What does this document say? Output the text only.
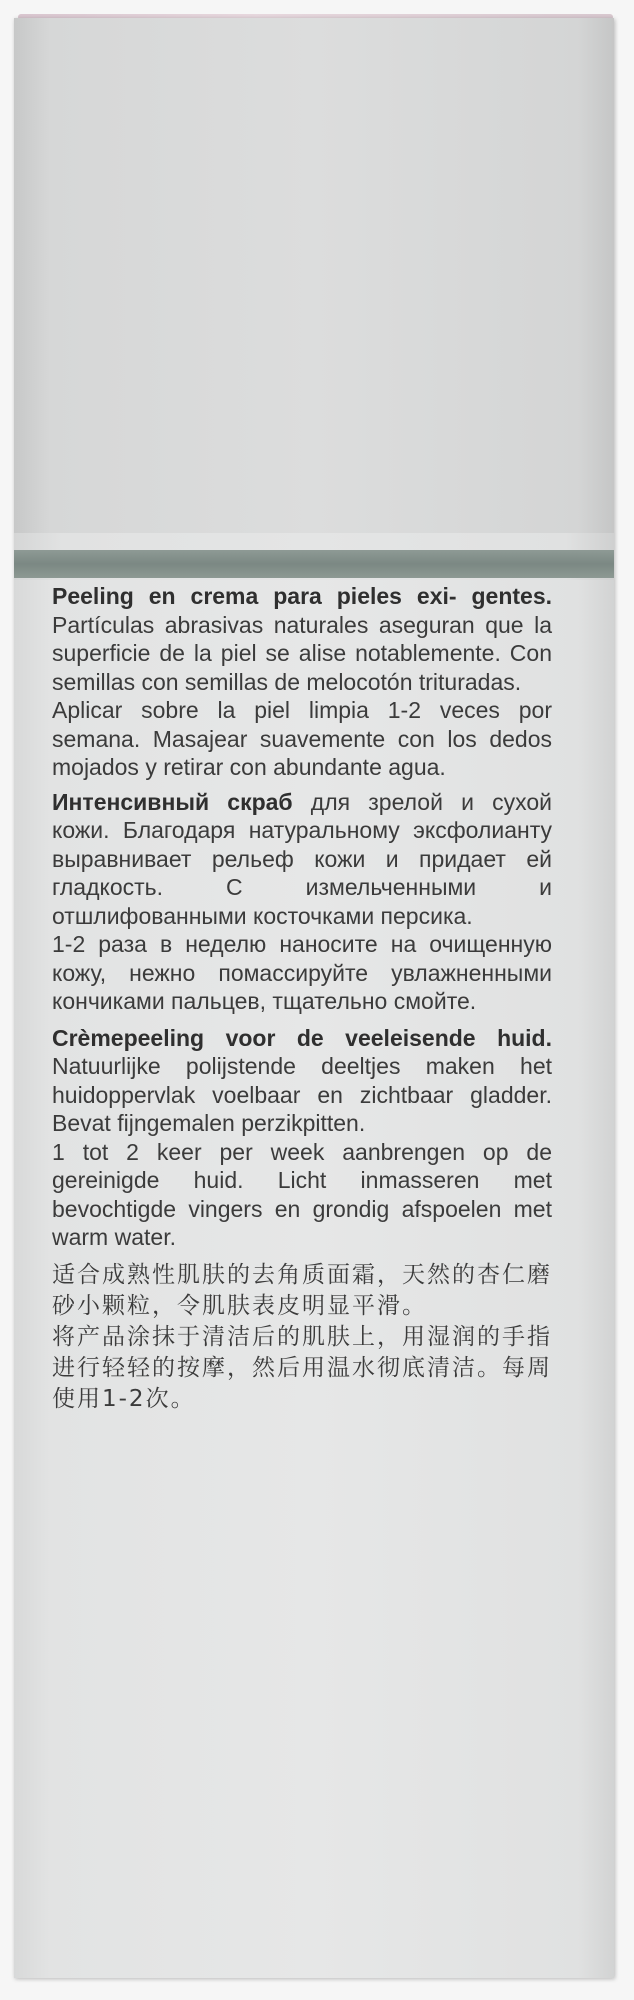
Peeling en crema para pieles exi- gentes. Partículas abrasivas naturales aseguran que la superficie de la piel se alise notablemente. Con semillas con semillas de melocotón trituradas.

Aplicar sobre la piel limpia 1-2 veces por semana. Masajear suavemente con los dedos mojados y retirar con abundante agua.

Интенсивный скраб для зрелой и сухой кожи. Благодаря натуральному эксфолианту выравнивает рельеф кожи и придает ей гладкость. С измельченными и отшлифованными косточками персика.

1-2 раза в неделю наносите на очищенную кожу, нежно помассируйте увлажненными кончиками пальцев, тщательно смойте.

Crèmepeeling voor de veeleisende huid. Natuurlijke polijstende deeltjes maken het huidoppervlak voelbaar en zichtbaar gladder. Bevat fijngemalen perzikpitten.

1 tot 2 keer per week aanbrengen op de gereinigde huid. Licht inmasseren met bevochtigde vingers en grondig afspoelen met warm water.

适合成熟性肌肤的去角质面霜，天然的杏仁磨砂小颗粒，令肌肤表皮明显平滑。

将产品涂抹于清洁后的肌肤上，用湿润的手指进行轻轻的按摩，然后用温水彻底清洁。每周使用1-2次。
